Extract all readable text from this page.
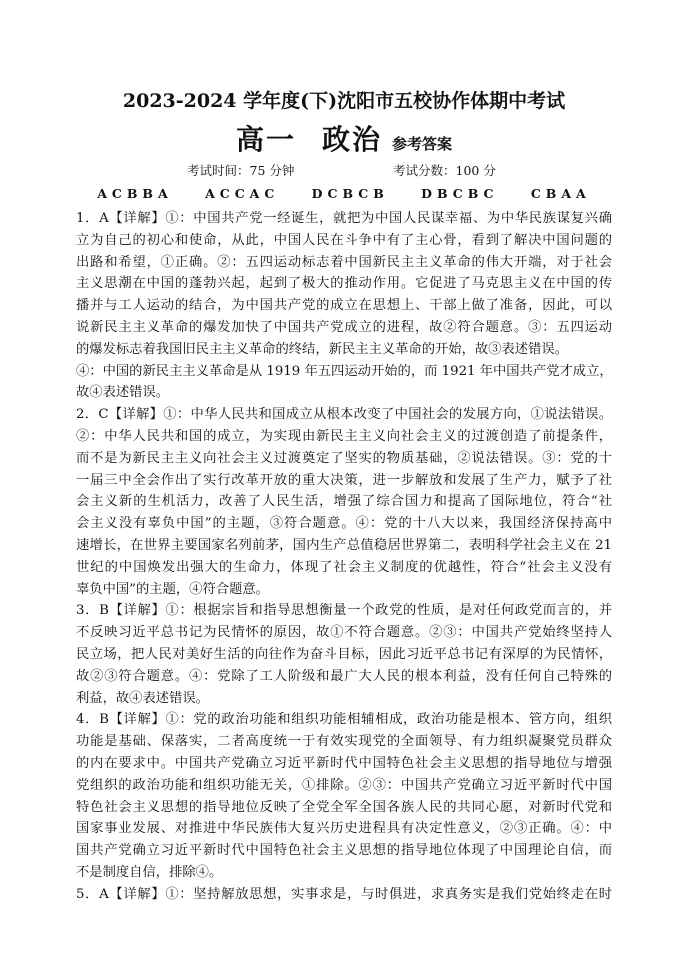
2023-2024 学年度(下)沈阳市五校协作体期中考试
高一 政治 参考答案
考试时间：75 分钟	考试分数：100 分
ACBBA	ACCAC	DCBCB	DBCBC	CBAA
1．A【详解】①：中国共产党一经诞生，就把为中国人民谋幸福、为中华民族谋复兴确
立为自己的初心和使命，从此，中国人民在斗争中有了主心骨，看到了解决中国问题的
出路和希望，①正确。②：五四运动标志着中国新民主主义革命的伟大开端，对于社会
主义思潮在中国的蓬勃兴起，起到了极大的推动作用。它促进了马克思主义在中国的传
播并与工人运动的结合，为中国共产党的成立在思想上、干部上做了准备，因此，可以
说新民主主义革命的爆发加快了中国共产党成立的进程，故②符合题意。③：五四运动
的爆发标志着我国旧民主主义革命的终结，新民主主义革命的开始，故③表述错误。
④：中国的新民主主义革命是从 1919 年五四运动开始的，而 1921 年中国共产党才成立，
故④表述错误。
2．C【详解】①：中华人民共和国成立从根本改变了中国社会的发展方向，①说法错误。
②：中华人民共和国的成立，为实现由新民主主义向社会主义的过渡创造了前提条件，
而不是为新民主主义向社会主义过渡奠定了坚实的物质基础，②说法错误。③：党的十
一届三中全会作出了实行改革开放的重大决策，进一步解放和发展了生产力，赋予了社
会主义新的生机活力，改善了人民生活，增强了综合国力和提高了国际地位，符合“社
会主义没有辜负中国”的主题，③符合题意。④：党的十八大以来，我国经济保持高中
速增长，在世界主要国家名列前茅，国内生产总值稳居世界第二，表明科学社会主义在 21
世纪的中国焕发出强大的生命力，体现了社会主义制度的优越性，符合“社会主义没有
辜负中国”的主题，④符合题意。
3．B【详解】①：根据宗旨和指导思想衡量一个政党的性质，是对任何政党而言的，并
不反映习近平总书记为民情怀的原因，故①不符合题意。②③：中国共产党始终坚持人
民立场，把人民对美好生活的向往作为奋斗目标，因此习近平总书记有深厚的为民情怀，
故②③符合题意。④：党除了工人阶级和最广大人民的根本利益，没有任何自己特殊的
利益，故④表述错误。
4．B【详解】①：党的政治功能和组织功能相辅相成，政治功能是根本、管方向，组织
功能是基础、保落实，二者高度统一于有效实现党的全面领导、有力组织凝聚党员群众
的内在要求中。中国共产党确立习近平新时代中国特色社会主义思想的指导地位与增强
党组织的政治功能和组织功能无关，①排除。②③：中国共产党确立习近平新时代中国
特色社会主义思想的指导地位反映了全党全军全国各族人民的共同心愿，对新时代党和
国家事业发展、对推进中华民族伟大复兴历史进程具有决定性意义，②③正确。④：中
国共产党确立习近平新时代中国特色社会主义思想的指导地位体现了中国理论自信，而
不是制度自信，排除④。
5．A【详解】①：坚持解放思想，实事求是，与时俱进，求真务实是我们党始终走在时
